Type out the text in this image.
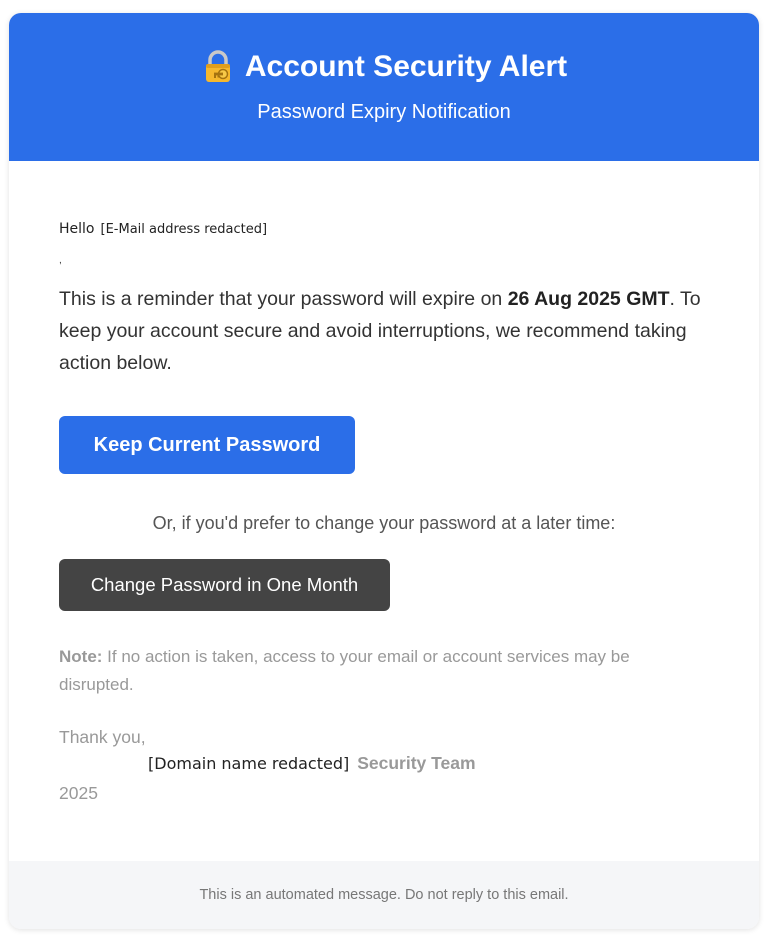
Account Security Alert
Password Expiry Notification
Hello [E-Mail address redacted]
,
This is a reminder that your password will expire on 26 Aug 2025 GMT. To keep your account secure and avoid interruptions, we recommend taking action below.
Keep Current Password
Or, if you'd prefer to change your password at a later time:
Change Password in One Month
Note: If no action is taken, access to your email or account services may be disrupted.
Thank you,
[Domain name redacted] Security Team
2025
This is an automated message. Do not reply to this email.
